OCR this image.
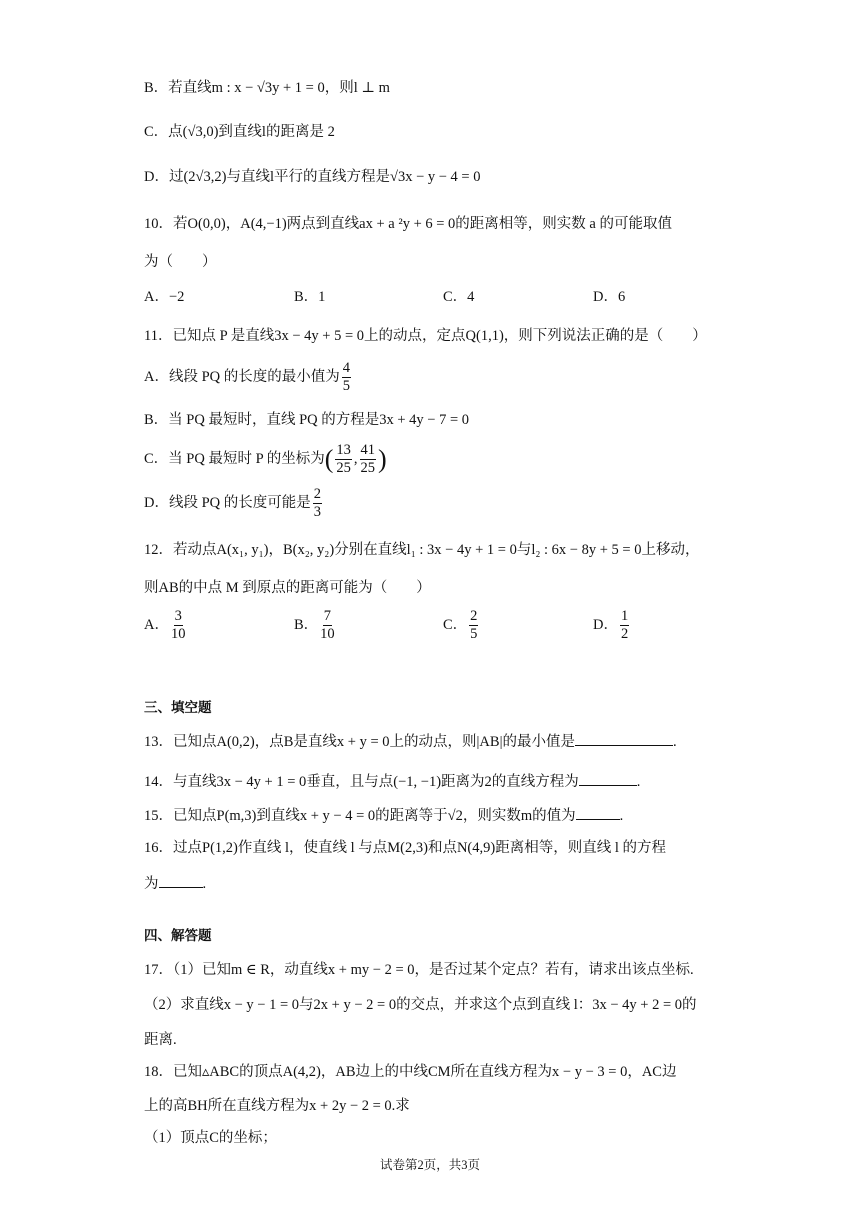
B．若直线m : x − √3y + 1 = 0，则l ⊥ m
C．点(√3,0)到直线l的距离是 2
D．过(2√3,2)与直线l平行的直线方程是√3x − y − 4 = 0
10．若O(0,0)，A(4,−1)两点到直线ax + a ²y + 6 = 0的距离相等，则实数 a 的可能取值
为（　　）
A．−2	B．1	C．4	D．6
11．已知点 P 是直线3x − 4y + 5 = 0上的动点，定点Q(1,1)，则下列说法正确的是（　　）
A．线段 PQ 的长度的最小值为 $\frac{4}{5}$
B．当 PQ 最短时，直线 PQ 的方程是3x + 4y − 7 = 0
C．当 PQ 最短时 P 的坐标为( $\frac{13}{25}$ , $\frac{41}{25}$ )
D．线段 PQ 的长度可能是 $\frac{2}{3}$
12．若动点A(x₁, y₁)，B(x₂, y₂)分别在直线l₁ : 3x − 4y + 1 = 0与l₂ : 6x − 8y + 5 = 0上移动，
则AB的中点 M 到原点的距离可能为（　　）
A． $\frac{3}{10}$	B． $\frac{7}{10}$	C． $\frac{2}{5}$	D． $\frac{1}{2}$
三、填空题
13．已知点A(0,2)，点B是直线x + y = 0上的动点，则|AB|的最小值是	.
14．与直线3x − 4y + 1 = 0垂直，且与点(−1, −1)距离为2的直线方程为	.
15．已知点P(m,3)到直线x + y − 4 = 0的距离等于√2，则实数m的值为	.
16．过点P(1,2)作直线 l，使直线 l 与点M(2,3)和点N(4,9)距离相等，则直线 l 的方程
为	.
四、解答题
17．（1）已知m ∈ R，动直线x + my − 2 = 0，是否过某个定点？若有，请求出该点坐标.
（2）求直线x − y − 1 = 0与2x + y − 2 = 0的交点，并求这个点到直线 l：3x − 4y + 2 = 0的
距离.
18．已知▵ABC的顶点A(4,2)，AB边上的中线CM所在直线方程为x − y − 3 = 0，AC边
上的高BH所在直线方程为x + 2y − 2 = 0.求
（1）顶点C的坐标；
试卷第2页，共3页
